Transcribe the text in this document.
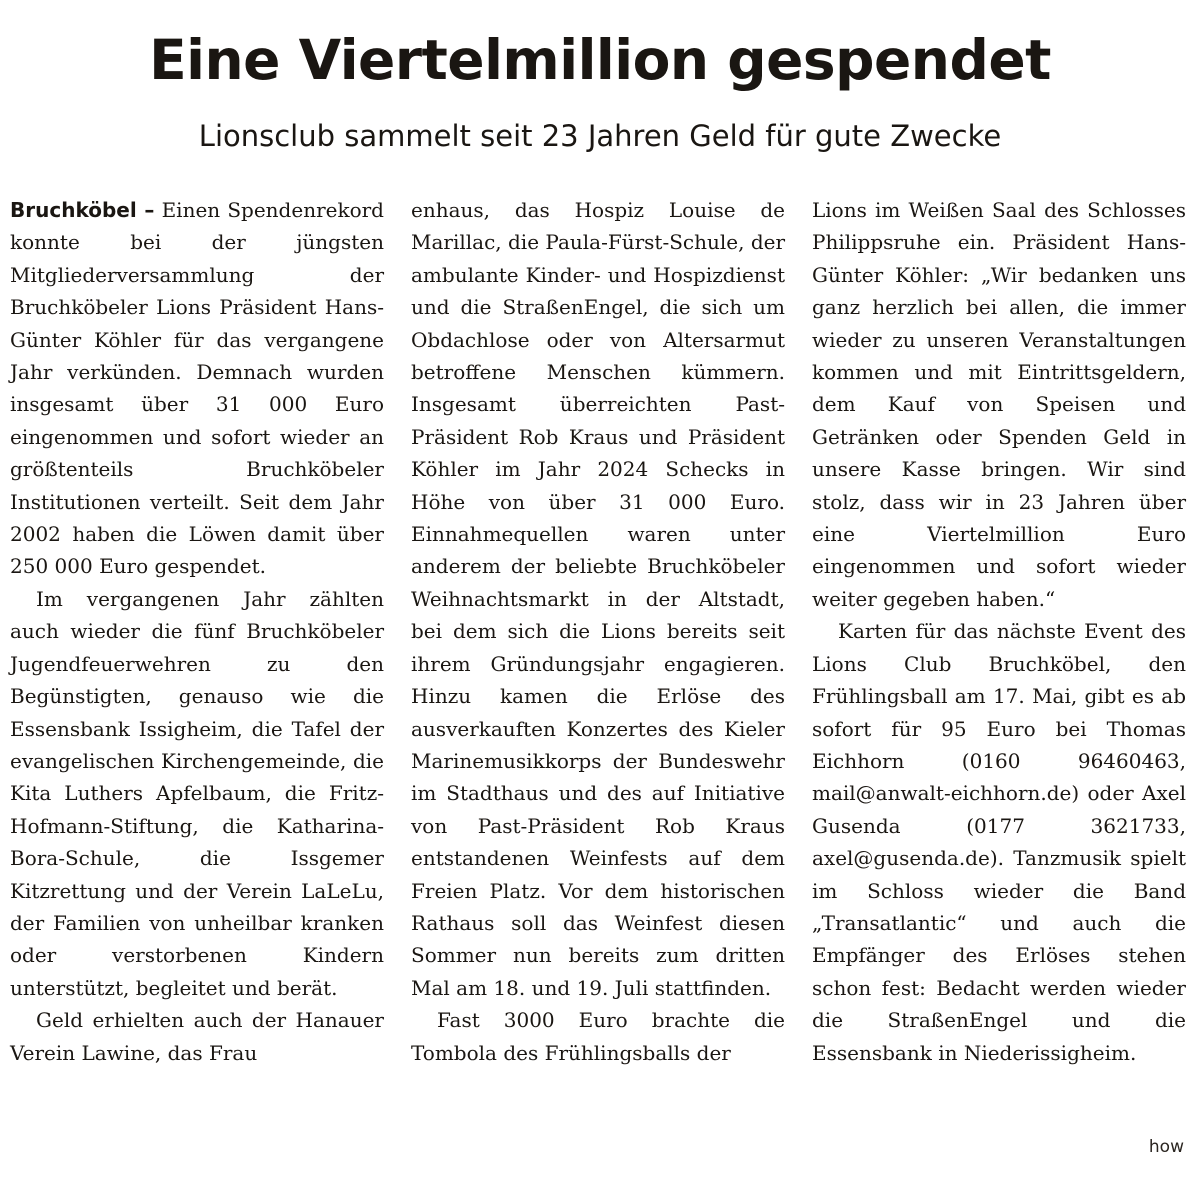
Eine Viertelmillion gespendet
Lionsclub sammelt seit 23 Jahren Geld für gute Zwecke

Bruchköbel – Einen Spendenrekord konnte bei der jüngsten Mitgliederversammlung der Bruchköbeler Lions Präsident Hans-Günter Köhler für das vergangene Jahr verkünden. Demnach wurden insgesamt über 31 000 Euro eingenommen und sofort wieder an größtenteils Bruchköbeler Institutionen verteilt. Seit dem Jahr 2002 haben die Löwen damit über 250 000 Euro gespendet.

Im vergangenen Jahr zählten auch wieder die fünf Bruchköbeler Jugendfeuerwehren zu den Begünstigten, genauso wie die Essensbank Issigheim, die Tafel der evangelischen Kirchengemeinde, die Kita Luthers Apfelbaum, die Fritz-Hofmann-Stiftung, die Katharina-Bora-Schule, die Issgemer Kitzrettung und der Verein LaLeLu, der Familien von unheilbar kranken oder verstorbenen Kindern unterstützt, begleitet und berät.

Geld erhielten auch der Hanauer Verein Lawine, das Frau

enhaus, das Hospiz Louise de Marillac, die Paula-Fürst-Schule, der ambulante Kinder- und Hospizdienst und die StraßenEngel, die sich um Obdachlose oder von Altersarmut betroffene Menschen kümmern. Insgesamt überreichten Past-Präsident Rob Kraus und Präsident Köhler im Jahr 2024 Schecks in Höhe von über 31 000 Euro. Einnahmequellen waren unter anderem der beliebte Bruchköbeler Weihnachtsmarkt in der Altstadt, bei dem sich die Lions bereits seit ihrem Gründungsjahr engagieren. Hinzu kamen die Erlöse des ausverkauften Konzertes des Kieler Marinemusikkorps der Bundeswehr im Stadthaus und des auf Initiative von Past-Präsident Rob Kraus entstandenen Weinfests auf dem Freien Platz. Vor dem historischen Rathaus soll das Weinfest diesen Sommer nun bereits zum dritten Mal am 18. und 19. Juli stattfinden.

Fast 3000 Euro brachte die Tombola des Frühlingsballs der

Lions im Weißen Saal des Schlosses Philippsruhe ein. Präsident Hans-Günter Köhler: „Wir bedanken uns ganz herzlich bei allen, die immer wieder zu unseren Veranstaltungen kommen und mit Eintrittsgeldern, dem Kauf von Speisen und Getränken oder Spenden Geld in unsere Kasse bringen. Wir sind stolz, dass wir in 23 Jahren über eine Viertelmillion Euro eingenommen und sofort wieder weiter gegeben haben.“

Karten für das nächste Event des Lions Club Bruchköbel, den Frühlingsball am 17. Mai, gibt es ab sofort für 95 Euro bei Thomas Eichhorn (0160 96460463, mail@anwalt-eichhorn.de) oder Axel Gusenda (0177 3621733, axel@gusenda.de). Tanzmusik spielt im Schloss wieder die Band „Transatlantic“ und auch die Empfänger des Erlöses stehen schon fest: Bedacht werden wieder die StraßenEngel und die Essensbank in Niederissigheim.

how
